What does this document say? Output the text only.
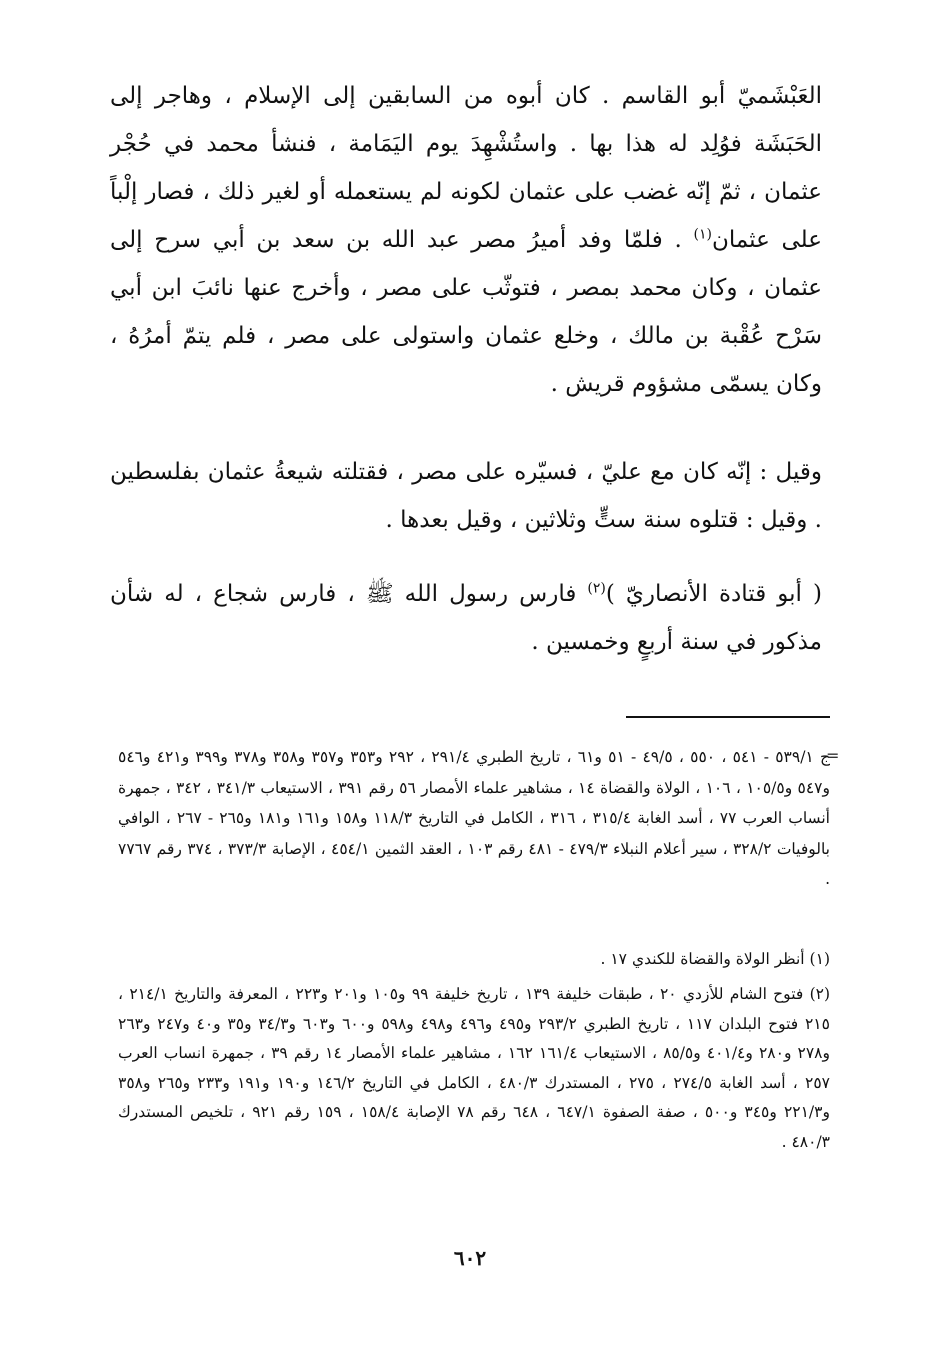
العَبْشَميّ أبو القاسم . كان أبوه من السابقين إلى الإسلام ، وهاجر إلى الحَبَشَة فوُلِد له هذا بها . واستُشْهِدَ يوم اليَمَامة ، فنشأ محمد في حُجْر عثمان ، ثمّ إنّه غضب على عثمان لكونه لم يستعمله أو لغير ذلك ، فصار إلْباً على عثمان$^{(١)}$ . فلمّا وفد أميرُ مصر عبد الله بن سعد بن أبي سرح إلى عثمان ، وكان محمد بمصر ، فتوثّب على مصر ، وأخرج عنها نائبَ ابن أبي سَرْح عُقْبة بن مالك ، وخلع عثمان واستولى على مصر ، فلم يتمّ أمرُهُ ، وكان يسمّى مشؤوم قريش .

وقيل : إنّه كان مع عليّ ، فسيّره على مصر ، فقتلته شيعةُ عثمان بفلسطين . وقيل : قتلوه سنة ستٍّ وثلاثين ، وقيل بعدها .

( أبو قتادة الأنصاريّ )$^{(٢)}$ فارس رسول الله ﷺ ، فارس شجاع ، له شأن مذكور في سنة أربعٍ وخمسين .

=

ج ٥٣٩/١ - ٥٤١ ، ٥٥٠ ، ٤٩/٥ - ٥١ و٦١ ، تاريخ الطبري ٢٩١/٤ ، ٢٩٢ و٣٥٣ و٣٥٧ و٣٥٨ و٣٧٨ و٣٩٩ و٤٢١ و٥٤٦ و٥٤٧ و١٠٥/٥ ، ١٠٦ ، الولاة والقضاة ١٤ ، مشاهير علماء الأمصار ٥٦ رقم ٣٩١ ، الاستيعاب ٣٤١/٣ ، ٣٤٢ ، جمهرة أنساب العرب ٧٧ ، أسد الغابة ٣١٥/٤ ، ٣١٦ ، الكامل في التاريخ ١١٨/٣ و١٥٨ و١٦١ و١٨١ و٢٦٥ - ٢٦٧ ، الوافي بالوفيات ٣٢٨/٢ ، سير أعلام النبلاء ٤٧٩/٣ - ٤٨١ رقم ١٠٣ ، العقد الثمين ٤٥٤/١ ، الإصابة ٣٧٣/٣ ، ٣٧٤ رقم ٧٧٦٧ .

(١) أنظر الولاة والقضاة للكندي ١٧ .

(٢) فتوح الشام للأزدي ٢٠ ، طبقات خليفة ١٣٩ ، تاريخ خليفة ٩٩ و١٠٥ و٢٠١ و٢٢٣ ، المعرفة والتاريخ ٢١٤/١ ، ٢١٥ فتوح البلدان ١١٧ ، تاريخ الطبري ٢٩٣/٢ و٤٩٥ و٤٩٦ و٤٩٨ و٥٩٨ و٦٠٠ و٦٠٣ و٣٤/٣ و٣٥ و٤٠ و٢٤٧ و٢٦٣ و٢٧٨ و٢٨٠ و٤٠١/٤ و٨٥/٥ ، الاستيعاب ١٦١/٤ ١٦٢ ، مشاهير علماء الأمصار ١٤ رقم ٣٩ ، جمهرة انساب العرب ٢٥٧ ، أسد الغابة ٢٧٤/٥ ، ٢٧٥ ، المستدرك ٤٨٠/٣ ، الكامل في التاريخ ١٤٦/٢ و١٩٠ و١٩١ و٢٣٣ و٢٦٥ و٣٥٨ و٢٢١/٣ و٣٤٥ و٥٠٠ ، صفة الصفوة ٦٤٧/١ ، ٦٤٨ رقم ٧٨ الإصابة ١٥٨/٤ ، ١٥٩ رقم ٩٢١ ، تلخيص المستدرك ٤٨٠/٣ .

٦٠٢
